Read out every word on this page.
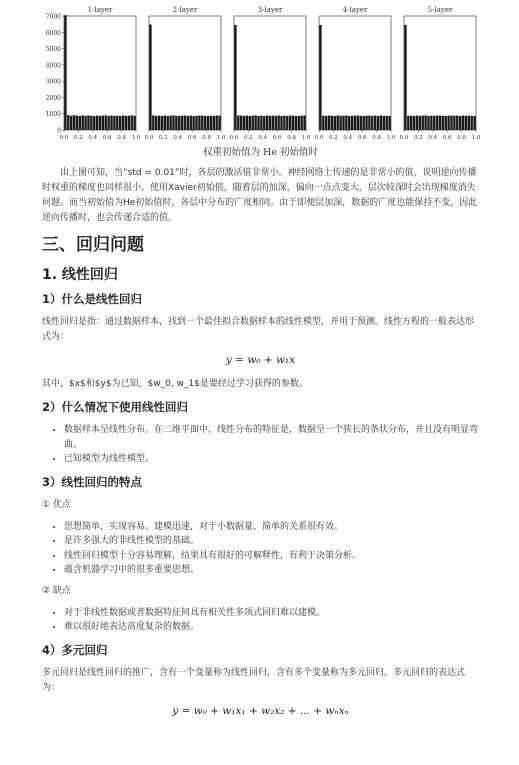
7000
6000
5000
4000
3000
2000
1000
0
1-layer
0.0 0.2 0.4 0.6 0.8 1.0
2-layer
0.0 0.2 0.4 0.6 0.8 1.0
3-layer
0.0 0.2 0.4 0.6 0.8 1.0
4-layer
0.0 0.2 0.4 0.6 0.8 1.0
5-layer
0.0 0.2 0.4 0.6 0.8 1.0
权重初始值为 He 初始值时

由上图可知，当“std = 0.01”时，各层的激活值非常小。神经网络上传递的是非常小的值，说明逆向传播时权重的梯度也同样很小。使用Xavier初始值，随着层的加深，偏向一点点变大，层次较深时会出现梯度消失问题。而当初始值为He初始值时，各层中分布的广度相同。由于即便层加深，数据的广度也能保持不变，因此逆向传播时，也会传递合适的值。

三、回归问题
1. 线性回归
1）什么是线性回归

线性回归是指：通过数据样本，找到一个最佳拟合数据样本的线性模型，并用于预测。线性方程的一般表达形式为：

y = w₀ + w₁x

其中，$x$和$y$为已知，$w_0, w_1$是要经过学习获得的参数。

2）什么情况下使用线性回归
• 数据样本呈线性分布。在二维平面中，线性分布的特征是，数据呈一个狭长的条状分布，并且没有明显弯曲。
• 已知模型为线性模型。
3）线性回归的特点
① 优点
• 思想简单，实现容易。建模迅速，对于小数据量、简单的关系很有效。
• 是许多强大的非线性模型的基础。
• 线性回归模型十分容易理解，结果具有很好的可解释性，有利于决策分析。
• 蕴含机器学习中的很多重要思想。
② 缺点
• 对于非线性数据或者数据特征间具有相关性多项式回归难以建模。
• 难以很好地表达高度复杂的数据。
4）多元回归

多元回归是线性回归的推广，含有一个变量称为线性回归，含有多个变量称为多元回归。多元回归的表达式为：

y = w₀ + w₁x₁ + w₂x₂ + ... + wₙxₙ
